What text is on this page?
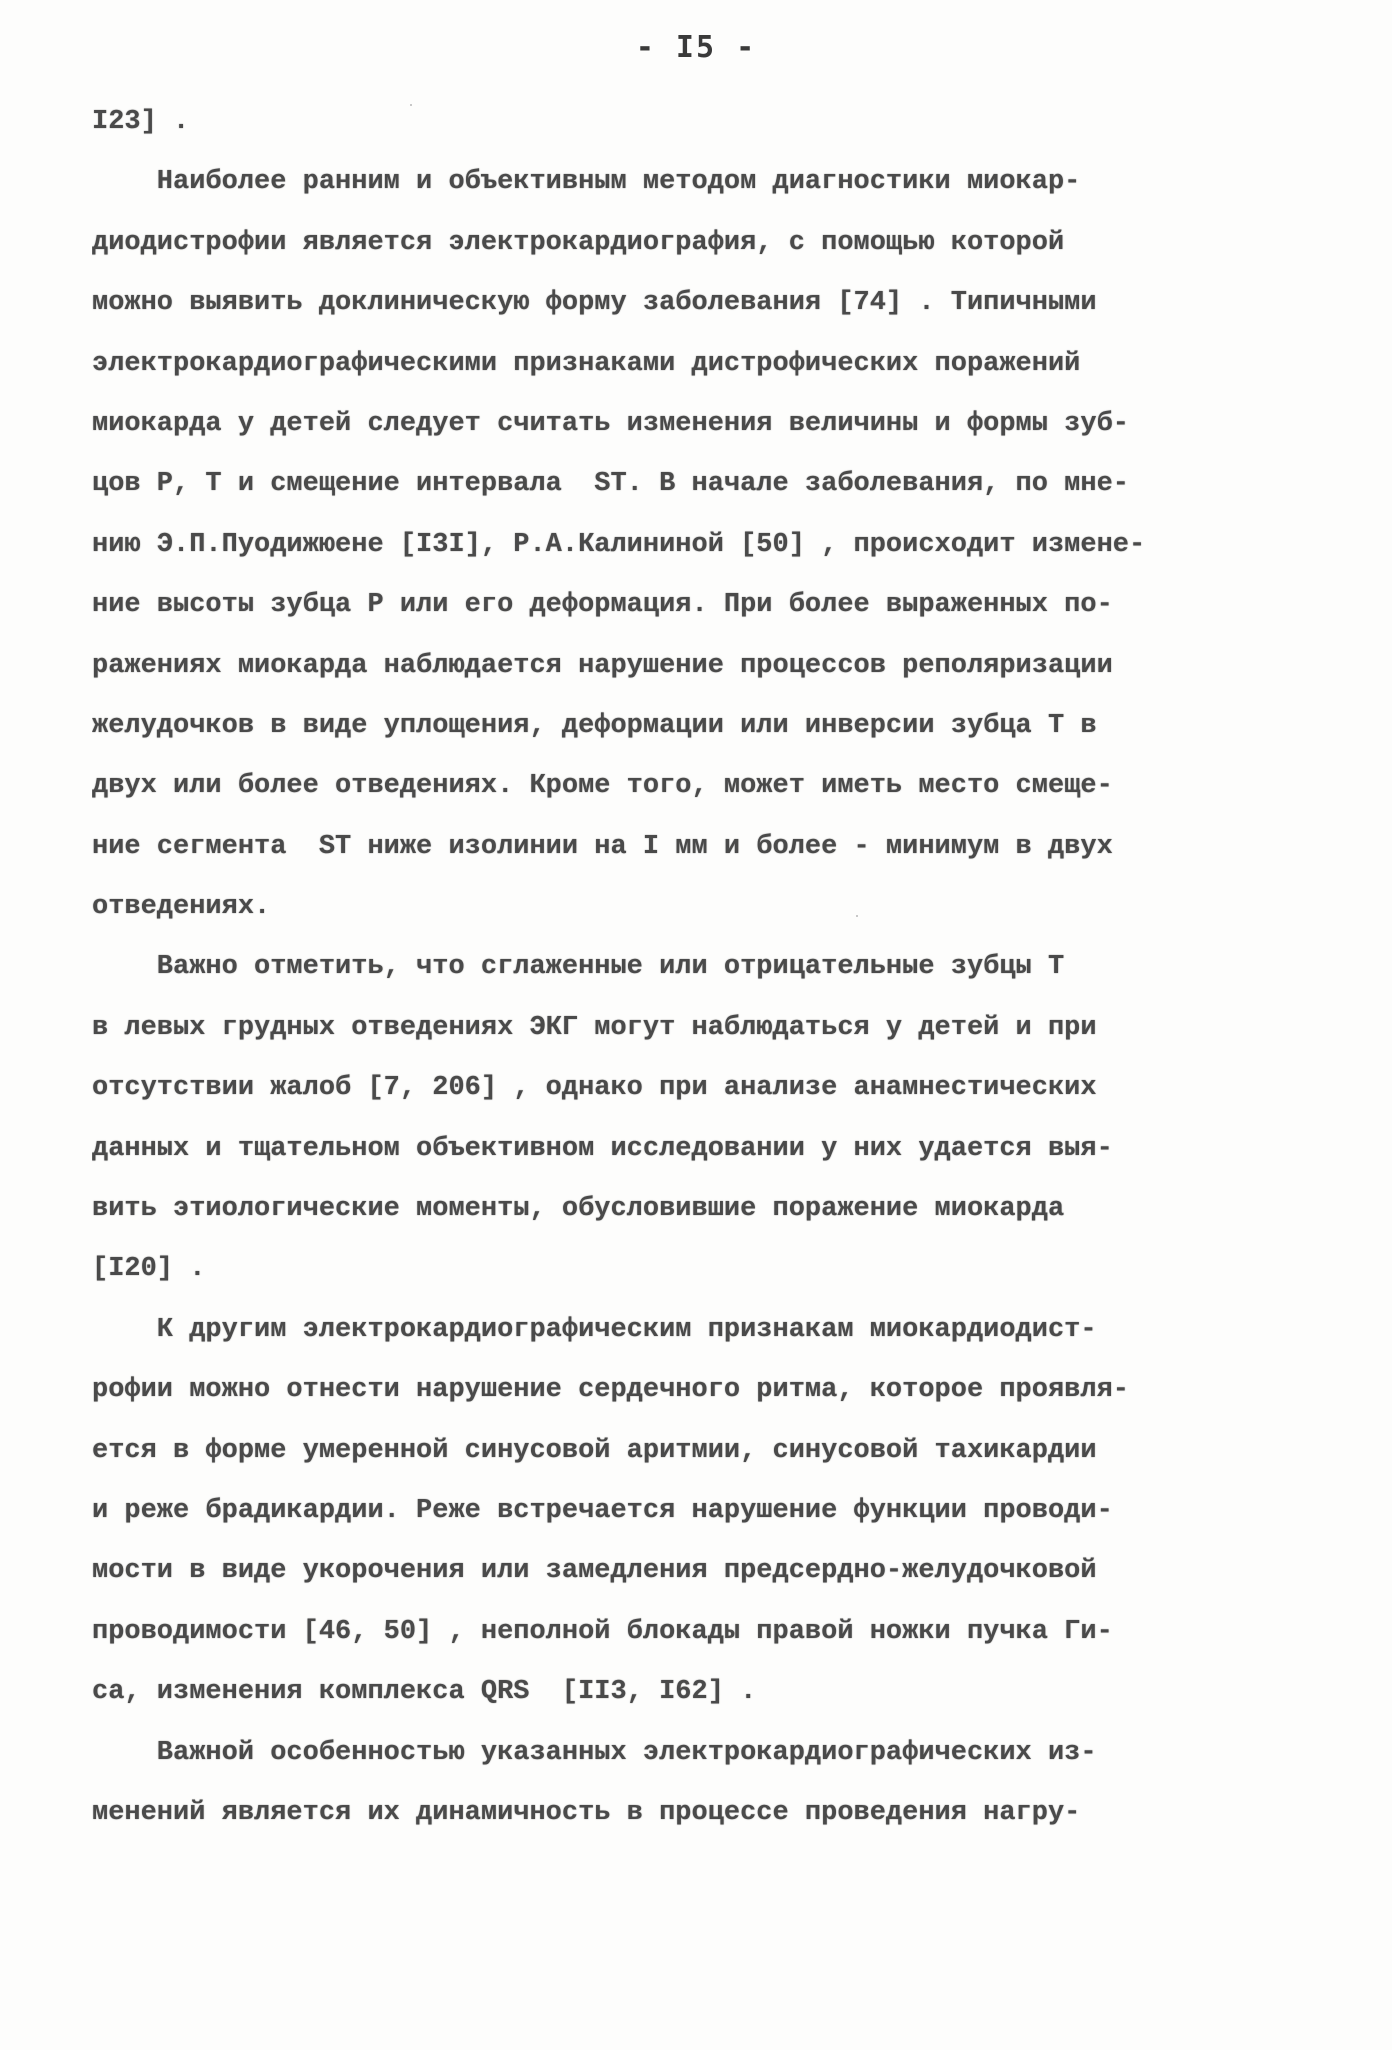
- I5 -
I23] .
Наиболее ранним и объективным методом диагностики миокар-
диодистрофии является электрокардиография, с помощью которой
можно выявить доклиническую форму заболевания [74] . Типичными
электрокардиографическими признаками дистрофических поражений
миокарда у детей следует считать изменения величины и формы зуб-
цов P, T и смещение интервала  ST. В начале заболевания, по мне-
нию Э.П.Пуодижюене [I3I], Р.А.Калининой [50] , происходит измене-
ние высоты зубца P или его деформация. При более выраженных по-
ражениях миокарда наблюдается нарушение процессов реполяризации
желудочков в виде уплощения, деформации или инверсии зубца T в
двух или более отведениях. Кроме того, может иметь место смеще-
ние сегмента  ST ниже изолинии на I мм и более - минимум в двух
отведениях.
Важно отметить, что сглаженные или отрицательные зубцы T
в левых грудных отведениях ЭКГ могут наблюдаться у детей и при
отсутствии жалоб [7, 206] , однако при анализе анамнестических
данных и тщательном объективном исследовании у них удается выя-
вить этиологические моменты, обусловившие поражение миокарда
[I20] .
К другим электрокардиографическим признакам миокардиодист-
рофии можно отнести нарушение сердечного ритма, которое проявля-
ется в форме умеренной синусовой аритмии, синусовой тахикардии
и реже брадикардии. Реже встречается нарушение функции проводи-
мости в виде укорочения или замедления предсердно-желудочковой
проводимости [46, 50] , неполной блокады правой ножки пучка Ги-
са, изменения комплекса QRS  [II3, I62] .
Важной особенностью указанных электрокардиографических из-
менений является их динамичность в процессе проведения нагру-
